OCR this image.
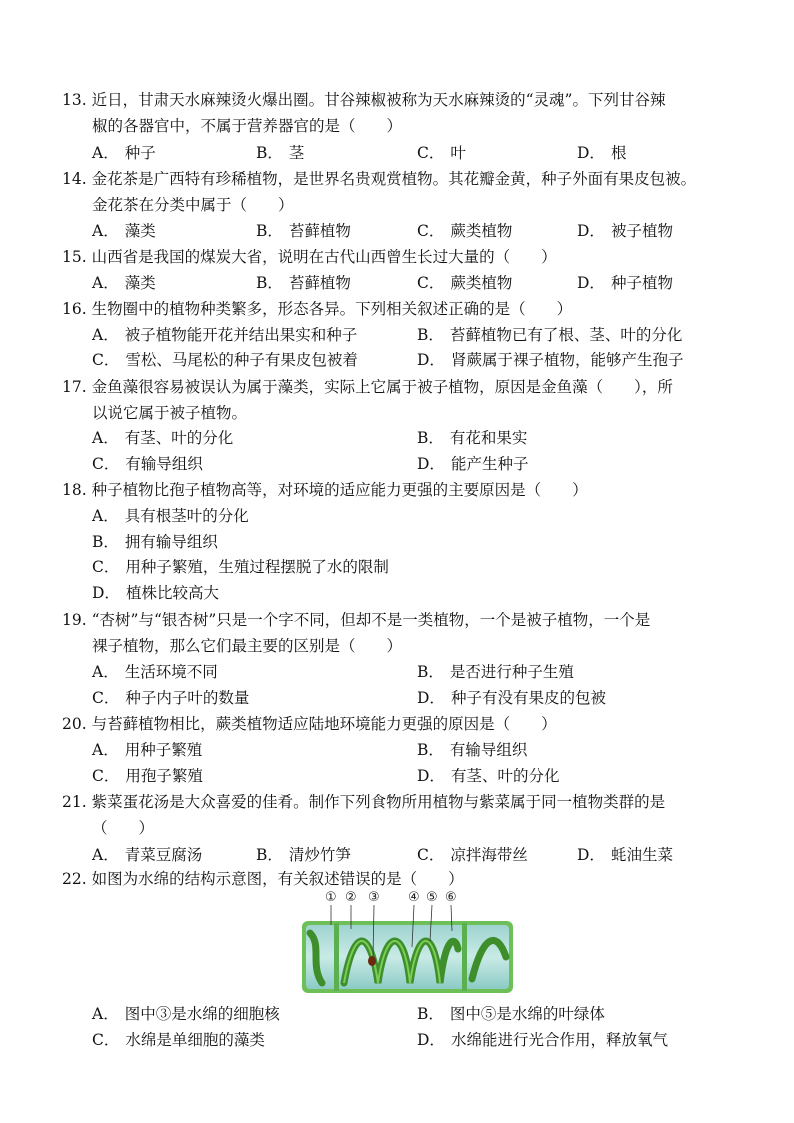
13. 近日，甘肃天水麻辣烫火爆出圈。甘谷辣椒被称为天水麻辣烫的“灵魂”。下列甘谷辣
椒的各器官中，不属于营养器官的是（　　）
A． 种子	B． 茎	C． 叶	D． 根
14. 金花茶是广西特有珍稀植物，是世界名贵观赏植物。其花瓣金黄，种子外面有果皮包被。
金花茶在分类中属于（　　）
A． 藻类	B． 苔藓植物	C． 蕨类植物	D． 被子植物
15. 山西省是我国的煤炭大省，说明在古代山西曾生长过大量的（　　）
A． 藻类	B． 苔藓植物	C． 蕨类植物	D． 种子植物
16. 生物圈中的植物种类繁多，形态各异。下列相关叙述正确的是（　　）
A． 被子植物能开花并结出果实和种子	B． 苔藓植物已有了根、茎、叶的分化
C． 雪松、马尾松的种子有果皮包被着	D． 肾蕨属于裸子植物，能够产生孢子
17. 金鱼藻很容易被误认为属于藻类，实际上它属于被子植物，原因是金鱼藻（　　），所
以说它属于被子植物。
A． 有茎、叶的分化	B． 有花和果实
C． 有输导组织	D． 能产生种子
18. 种子植物比孢子植物高等，对环境的适应能力更强的主要原因是（　　）
A． 具有根茎叶的分化
B． 拥有输导组织
C． 用种子繁殖，生殖过程摆脱了水的限制
D． 植株比较高大
19. “杏树”与“银杏树”只是一个字不同，但却不是一类植物，一个是被子植物，一个是
裸子植物，那么它们最主要的区别是（　　）
A． 生活环境不同	B． 是否进行种子生殖
C． 种子内子叶的数量	D． 种子有没有果皮的包被
20. 与苔藓植物相比，蕨类植物适应陆地环境能力更强的原因是（　　）
A． 用种子繁殖	B． 有输导组织
C． 用孢子繁殖	D． 有茎、叶的分化
21. 紫菜蛋花汤是大众喜爱的佳肴。制作下列食物所用植物与紫菜属于同一植物类群的是
（　　）
A． 青菜豆腐汤	B． 清炒竹笋	C． 凉拌海带丝	D． 蚝油生菜
22. 如图为水绵的结构示意图，有关叙述错误的是（　　）
① ② ③ ④ ⑤ ⑥
A． 图中③是水绵的细胞核	B． 图中⑤是水绵的叶绿体
C． 水绵是单细胞的藻类	D． 水绵能进行光合作用，释放氧气
